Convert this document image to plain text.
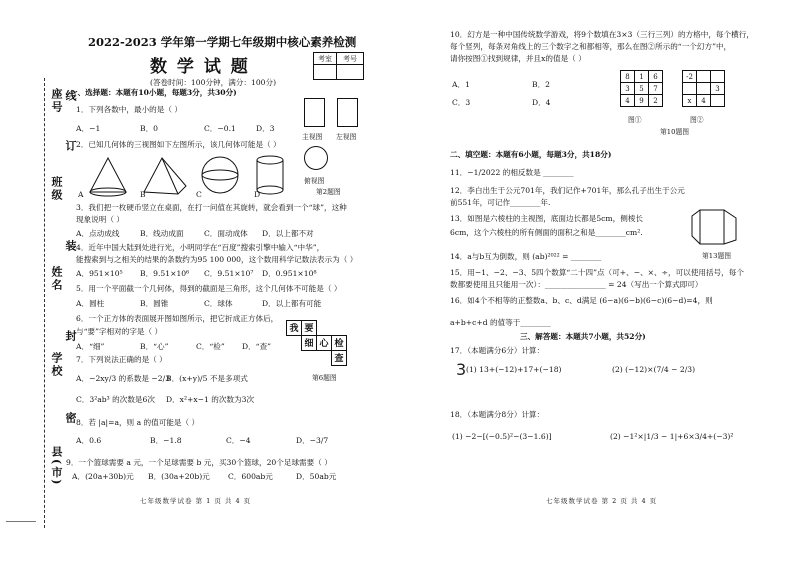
座号
订
班级
装
姓名
封
学校
密
县(市)
线
2022-2023 学年第一学期七年级期中核心素养检测
数 学 试 题
(答卷时间：100分钟，满分：100分)
考室	考号

一、选择题：本题有10小题，每题3分，共30分)
1．下列各数中，最小的是（ ）
A．−1	B．0	C．−0.1	D．3
主视图 左视图
俯视图
第2题图
2．已知几何体的三视图如下左图所示，该几何体可能是（ ）
A	B	C	D
3．我们把一枚硬币竖立在桌面，在打一问值在其旋转，就会看到一个“球”，这种
现象说明（ ）
A．点动成线	B．线动成面	C．面动成体 D．以上都不对
4．近年中国大陆到处进行光，小明同学在“百度”搜索引擎中输入“中华”，
能搜索到与之相关的结果的条数约为95 100 000，这个数用科学记数法表示为（ ）
A．951×10⁵ B．9.51×10⁶ C．9.51×10⁷ D．0.951×10⁸
5．用一个平面截一个几何体，得到的截面是三角形，这个几何体不可能是（ ）
A．圆柱	B．圆锥	C．球体	D．以上都有可能
6．一个正方体的表面展开图如图所示，把它折成正方体后，
与“要”字相对的字是（ ）
A．“细”	B．“心”	C．“检” D．“查”
我 要
细 心 检
查
第6题图
7．下列说法正确的是（ ）
A．−2xy/3 的系数是 −2/3
B．(x+y)/5 不是多项式
C．3²ab³ 的次数是6次 D．x²+x−1 的次数为3次
8．若 |a|=a，则 a 的值可能是（ ）
A．0.6	B．−1.8	C．−4	D．−3/7
9．一个篮球需要 a 元，一个足球需要 b 元，买30个篮球，20个足球需要（ ）
A．(20a+30b)元 B．(30a+20b)元 C．600ab元	D．50ab元
七年级数学试卷 第 1 页 共 4 页
10．幻方是一种中国传统数学游戏，将9个数填在3×3（三行三列）的方格中，每个横行，
每个竖列，每条对角线上的三个数字之和都相等，那么在图②所示的“一个幻方”中，
请你按图①找到规律，并且x的值是（ ）
A．1	B．2
C．3	D．4
8	1	6
3	5	7
4	9	2
-2		
		3
x	4	
图①	图②
第10题图
二、填空题：本题有6小题，每题3分，共18分)
11．−1/2022 的相反数是 ________
12．李白出生于公元701年，我们记作+701年，那么孔子出生于公元
前551年，可记作________年.
13．如图是六棱柱的主视图，底面边长都是5cm，侧棱长
6cm，这个六棱柱的所有侧面的面积之和是________cm².
第13题图
14．a与b互为倒数，则 (ab)²⁰²² = ________
15．用−1、−2、−3、5四个数算“二十四”点（可+、−、×、÷，可以使用括号，每个
数都要使用且只能用一次）：________________ = 24（写出一个算式即可）
16．如4个不相等的正整数a、b、c、d满足 (6−a)(6−b)(6−c)(6−d)=4，则
a+b+c+d 的值等于________
三、解答题：本题共7小题，共52分)
17．（本题满分6分）计算：
3 (1) 13+(−12)+17+(−18)	(2) (−12)×(7/4 − 2/3)
18．（本题满分8分）计算：
(1) −2−[(−0.5)²−(3−1.6)]	(2) −1²×|1/3 − 1|+6×3/4+(−3)²
七年级数学试卷 第 2 页 共 4 页
